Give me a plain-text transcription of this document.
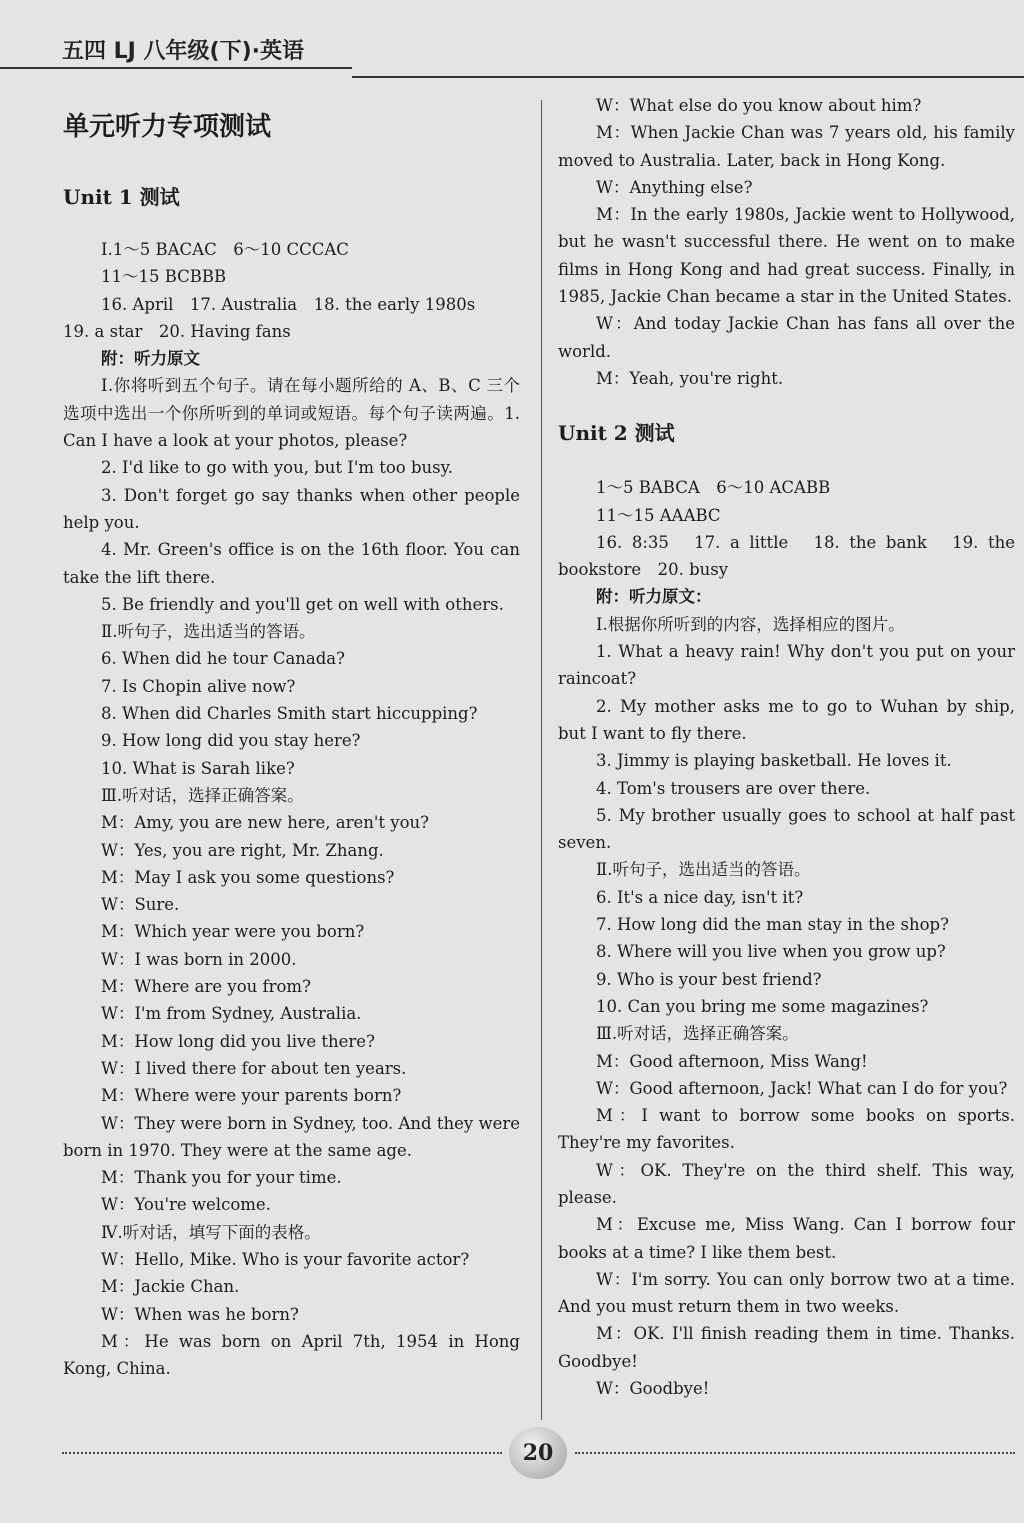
五四 LJ 八年级(下)·英语

单元听力专项测试

Unit 1 测试

Ⅰ.1～5 BACAC　6～10 CCCAC

11～15 BCBBB

16. April　17. Australia　18. the early 1980s

19. a star　20. Having fans

附：听力原文

Ⅰ.你将听到五个句子。请在每小题所给的 A、B、C 三个选项中选出一个你所听到的单词或短语。每个句子读两遍。1. Can I have a look at your photos, please?

2. I'd like to go with you, but I'm too busy.

3. Don't forget go say thanks when other people help you.

4. Mr. Green's office is on the 16th floor. You can take the lift there.

5. Be friendly and you'll get on well with others.

Ⅱ.听句子，选出适当的答语。

6. When did he tour Canada?

7. Is Chopin alive now?

8. When did Charles Smith start hiccupping?

9. How long did you stay here?

10. What is Sarah like?

Ⅲ.听对话，选择正确答案。

M：Amy, you are new here, aren't you?

W：Yes, you are right, Mr. Zhang.

M：May I ask you some questions?

W：Sure.

M：Which year were you born?

W：I was born in 2000.

M：Where are you from?

W：I'm from Sydney, Australia.

M：How long did you live there?

W：I lived there for about ten years.

M：Where were your parents born?

W：They were born in Sydney, too. And they were born in 1970. They were at the same age.

M：Thank you for your time.

W：You're welcome.

Ⅳ.听对话，填写下面的表格。

W：Hello, Mike. Who is your favorite actor?

M：Jackie Chan.

W：When was he born?

M：He was born on April 7th, 1954 in Hong Kong, China.

W：What else do you know about him?

M：When Jackie Chan was 7 years old, his family moved to Australia. Later, back in Hong Kong.

W：Anything else?

M：In the early 1980s, Jackie went to Hollywood, but he wasn't successful there. He went on to make films in Hong Kong and had great success. Finally, in 1985, Jackie Chan became a star in the United States.

W：And today Jackie Chan has fans all over the world.

M：Yeah, you're right.

Unit 2 测试

1～5 BABCA　6～10 ACABB

11～15 AAABC

16. 8:35　17. a little　18. the bank　19. the bookstore　20. busy

附：听力原文：

Ⅰ.根据你所听到的内容，选择相应的图片。

1. What a heavy rain! Why don't you put on your raincoat?

2. My mother asks me to go to Wuhan by ship, but I want to fly there.

3. Jimmy is playing basketball. He loves it.

4. Tom's trousers are over there.

5. My brother usually goes to school at half past seven.

Ⅱ.听句子，选出适当的答语。

6. It's a nice day, isn't it?

7. How long did the man stay in the shop?

8. Where will you live when you grow up?

9. Who is your best friend?

10. Can you bring me some magazines?

Ⅲ.听对话，选择正确答案。

M：Good afternoon, Miss Wang!

W：Good afternoon, Jack! What can I do for you?

M：I want to borrow some books on sports. They're my favorites.

W：OK. They're on the third shelf. This way, please.

M：Excuse me, Miss Wang. Can I borrow four books at a time? I like them best.

W：I'm sorry. You can only borrow two at a time. And you must return them in two weeks.

M：OK. I'll finish reading them in time. Thanks. Goodbye!

W：Goodbye!

20
